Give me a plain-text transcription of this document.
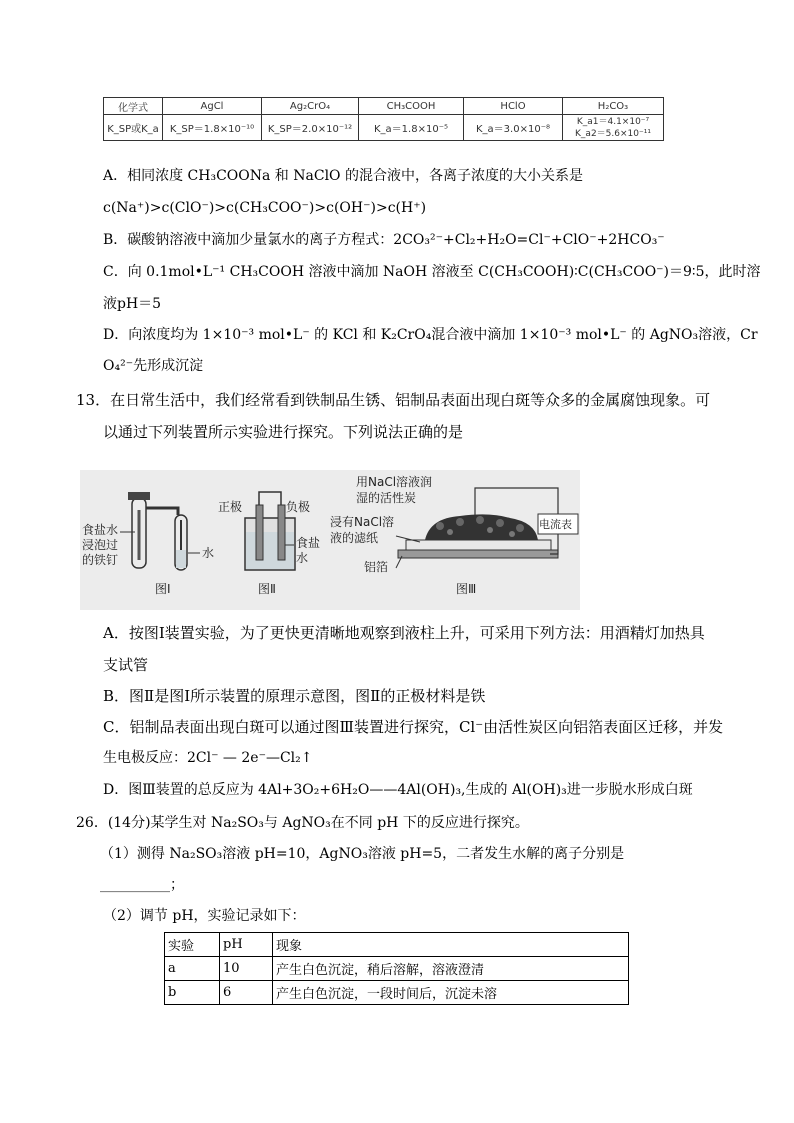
化学式	AgCl	Ag₂CrO₄	CH₃COOH	HClO	H₂CO₃
K_SP或K_a	K_SP＝1.8×10⁻¹⁰	K_SP＝2.0×10⁻¹²	K_a＝1.8×10⁻⁵	K_a＝3.0×10⁻⁸	K_a1＝4.1×10⁻⁷
K_a2＝5.6×10⁻¹¹
A．相同浓度 CH₃COONa 和 NaClO 的混合液中，各离子浓度的大小关系是
c(Na⁺)>c(ClO⁻)>c(CH₃COO⁻)>c(OH⁻)>c(H⁺)
B．碳酸钠溶液中滴加少量氯水的离子方程式：2CO₃²⁻+Cl₂+H₂O=Cl⁻+ClO⁻+2HCO₃⁻
C．向 0.1mol•L⁻¹ CH₃COOH 溶液中滴加 NaOH 溶液至 C(CH₃COOH)∶C(CH₃COO⁻)＝9∶5，此时溶
液pH＝5
D．向浓度均为 1×10⁻³ mol•L⁻ 的 KCl 和 K₂CrO₄混合液中滴加 1×10⁻³ mol•L⁻ 的 AgNO₃溶液，Cr
O₄²⁻先形成沉淀
13．在日常生活中，我们经常看到铁制品生锈、铝制品表面出现白斑等众多的金属腐蚀现象。可
以通过下列装置所示实验进行探究。下列说法正确的是
食盐水
浸泡过
的铁钉	水
图Ⅰ
正极	负极
食盐
水
图Ⅱ
用NaCl溶液润
湿的活性炭
浸有NaCl溶
液的滤纸
铝箔
电流表
图Ⅲ
A．按图Ⅰ装置实验，为了更快更清晰地观察到液柱上升，可采用下列方法：用酒精灯加热具
支试管
B．图Ⅱ是图Ⅰ所示装置的原理示意图，图Ⅱ的正极材料是铁
C．铝制品表面出现白斑可以通过图Ⅲ装置进行探究，Cl⁻由活性炭区向铝箔表面区迁移，并发
生电极反应：2Cl⁻ — 2e⁻—Cl₂↑
D．图Ⅲ装置的总反应为 4Al+3O₂+6H₂O——4Al(OH)₃,生成的 Al(OH)₃进一步脱水形成白斑
26．(14分)某学生对 Na₂SO₃与 AgNO₃在不同 pH 下的反应进行探究。
（1）测得 Na₂SO₃溶液 pH=10，AgNO₃溶液 pH=5，二者发生水解的离子分别是
__________；
（2）调节 pH，实验记录如下：
实验	pH	现象
a	10	产生白色沉淀，稍后溶解，溶液澄清
b	6	产生白色沉淀，一段时间后，沉淀未溶
